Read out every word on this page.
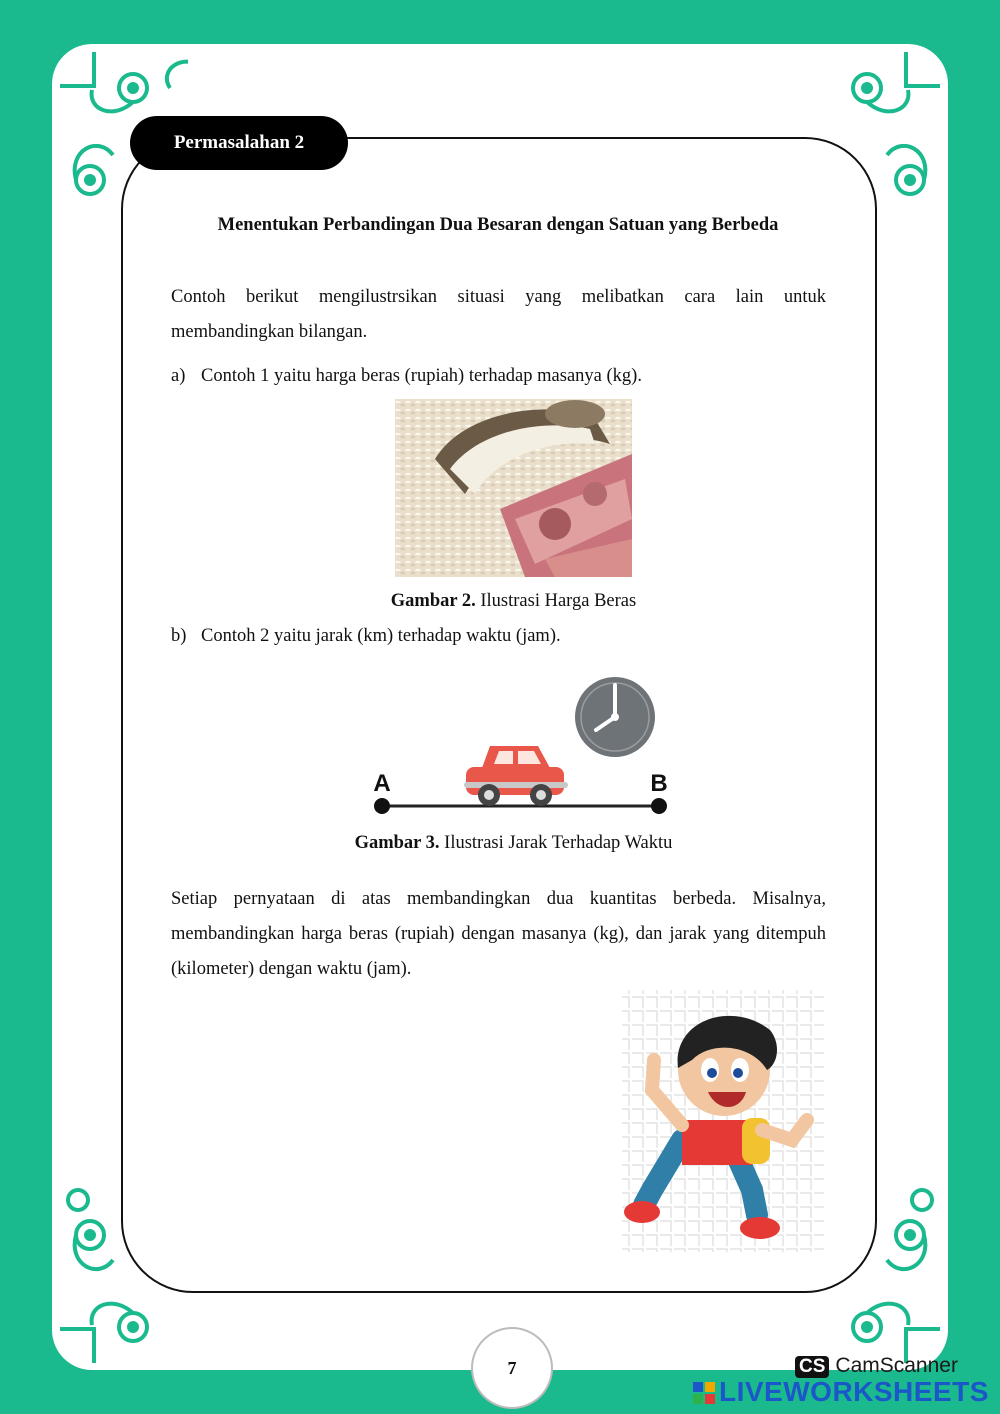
Permasalahan 2
Menentukan Perbandingan Dua Besaran dengan Satuan yang Berbeda
Contoh berikut mengilustrsikan situasi yang melibatkan cara lain untuk membandingkan bilangan.
a) Contoh 1 yaitu harga beras (rupiah) terhadap masanya (kg).
Gambar 2. Ilustrasi Harga Beras
b) Contoh 2 yaitu jarak (km) terhadap waktu (jam).
A	B
Gambar 3. Ilustrasi Jarak Terhadap Waktu
Setiap pernyataan di atas membandingkan dua kuantitas berbeda. Misalnya, membandingkan harga beras (rupiah) dengan masanya (kg), dan jarak yang ditempuh (kilometer) dengan waktu (jam).
7	CS CamScanner
LIVEWORKSHEETS
